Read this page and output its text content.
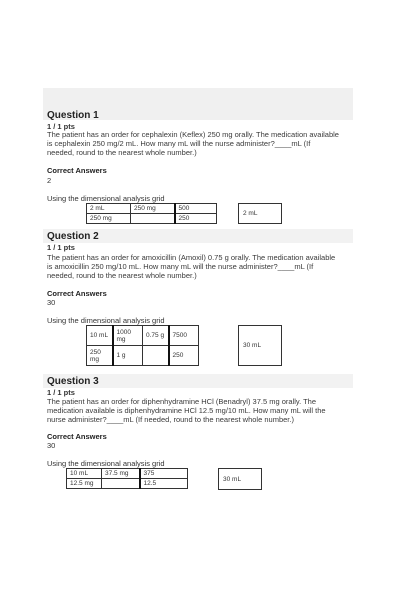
Question 1
1 / 1 pts
The patient has an order for cephalexin (Keflex) 250 mg orally. The medication available
is cephalexin 250 mg/2 mL. How many mL will the nurse administer?____mL (If
needed, round to the nearest whole number.)
Correct Answers
2
Using the dimensional analysis grid
2 mL	250 mg	500
250 mg		250
2 mL
Question 2
1 / 1 pts
The patient has an order for amoxicillin (Amoxil) 0.75 g orally. The medication available
is amoxicillin 250 mg/10 mL. How many mL will the nurse administer?____mL (If
needed, round to the nearest whole number.)
Correct Answers
30
Using the dimensional analysis grid
10 mL	1000 mg	0.75 g	7500
250 mg	1 g		250
30 mL
Question 3
1 / 1 pts
The patient has an order for diphenhydramine HCl (Benadryl) 37.5 mg orally. The
medication available is diphenhydramine HCl 12.5 mg/10 mL. How many mL will the
nurse administer?____mL (If needed, round to the nearest whole number.)
Correct Answers
30
Using the dimensional analysis grid
10 mL	37.5 mg	375
12.5 mg		12.5
30 mL
